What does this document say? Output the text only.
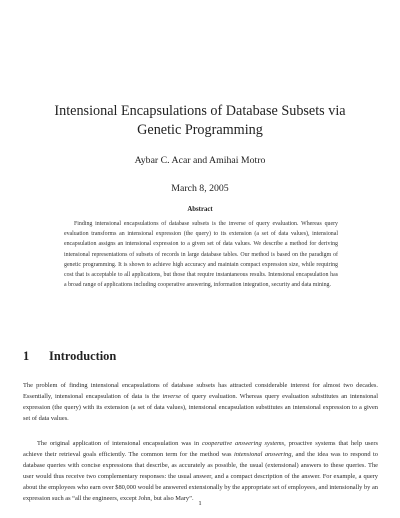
Intensional Encapsulations of Database Subsets via
Genetic Programming
Aybar C. Acar and Amihai Motro
March 8, 2005
Abstract
Finding intensional encapsulations of database subsets is the inverse of query evaluation. Whereas query evaluation transforms an intensional expression (the query) to its extension (a set of data values), intensional encapsulation assigns an intensional expression to a given set of data values. We describe a method for deriving intensional representations of subsets of records in large database tables. Our method is based on the paradigm of genetic programming. It is shown to achieve high accuracy and maintain compact expression size, while requiring cost that is acceptable to all applications, but those that require instantaneous results. Intensional encapsulation has a broad range of applications including cooperative answering, information integration, security and data mining.
1 Introduction
The problem of finding intensional encapsulations of database subsets has attracted considerable interest for almost two decades. Essentially, intensional encapsulation of data is the inverse of query evaluation. Whereas query evaluation substitutes an intensional expression (the query) with its extension (a set of data values), intensional encapsulation substitutes an intensional expression to a given set of data values.
The original application of intensional encapsulation was in cooperative answering systems, proactive systems that help users achieve their retrieval goals efficiently. The common term for the method was intensional answering, and the idea was to respond to database queries with concise expressions that describe, as accurately as possible, the usual (extensional) answers to these queries. The user would thus receive two complementary responses: the usual answer, and a compact description of the answer. For example, a query about the employees who earn over $80,000 would be answered extensionally by the appropriate set of employees, and intensionally by an expression such as “all the engineers, except John, but also Mary”.
1
